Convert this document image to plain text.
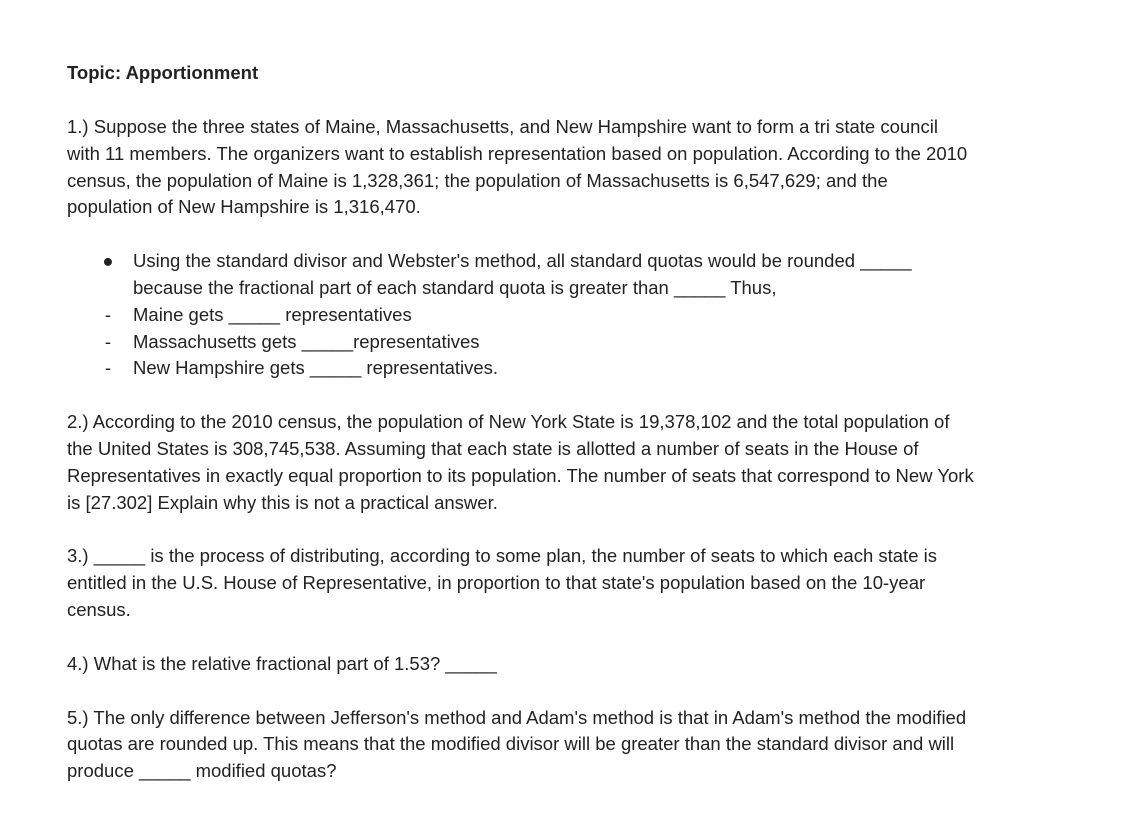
Topic: Apportionment

1.) Suppose the three states of Maine, Massachusetts, and New Hampshire want to form a tri state council

with 11 members. The organizers want to establish representation based on population. According to the 2010

census, the population of Maine is 1,328,361; the population of Massachusetts is 6,547,629; and the

population of New Hampshire is 1,316,470.

● Using the standard divisor and Webster's method, all standard quotas would be rounded _____

because the fractional part of each standard quota is greater than _____ Thus,

-	Maine gets _____ representatives

-	Massachusetts gets _____representatives

-	New Hampshire gets _____ representatives.

2.) According to the 2010 census, the population of New York State is 19,378,102 and the total population of

the United States is 308,745,538. Assuming that each state is allotted a number of seats in the House of

Representatives in exactly equal proportion to its population. The number of seats that correspond to New York

is [27.302] Explain why this is not a practical answer.

3.) _____ is the process of distributing, according to some plan, the number of seats to which each state is

entitled in the U.S. House of Representative, in proportion to that state's population based on the 10-year

census.

4.) What is the relative fractional part of 1.53? _____

5.) The only difference between Jefferson's method and Adam's method is that in Adam's method the modified

quotas are rounded up. This means that the modified divisor will be greater than the standard divisor and will

produce _____ modified quotas?
